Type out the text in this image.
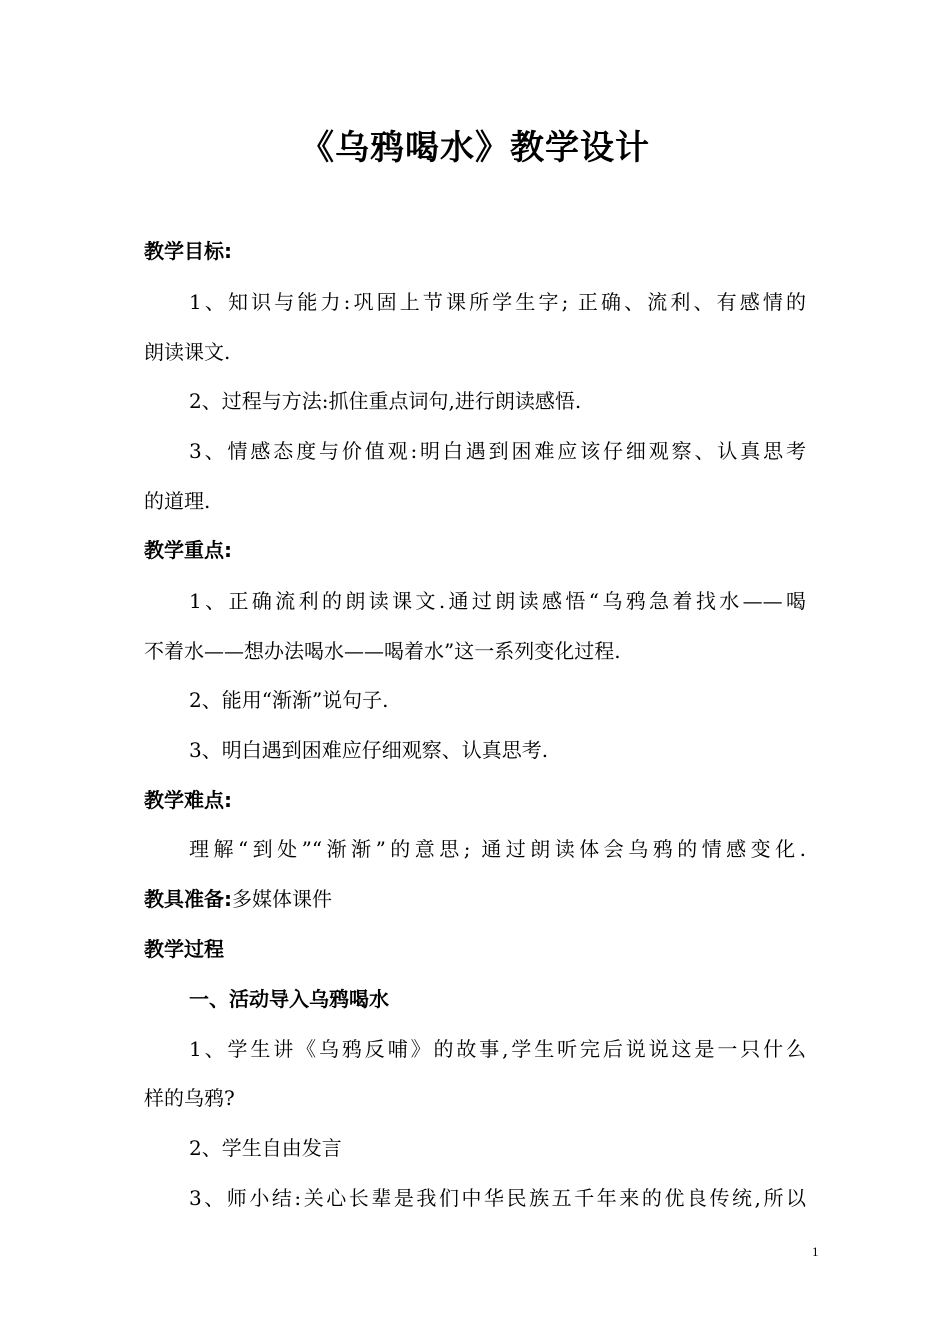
《乌鸦喝水》教学设计
教学目标:
1、知识与能力:巩固上节课所学生字; 正确、流利、有感情的
朗读课文.
2、过程与方法:抓住重点词句,进行朗读感悟.
3、情感态度与价值观:明白遇到困难应该仔细观察、认真思考
的道理.
教学重点:
1、正确流利的朗读课文.通过朗读感悟“乌鸦急着找水——喝
不着水——想办法喝水——喝着水”这一系列变化过程.
2、能用“渐渐”说句子.
3、明白遇到困难应仔细观察、认真思考.
教学难点:
理解“到处”“渐渐”的意思; 通过朗读体会乌鸦的情感变化.
教具准备:多媒体课件
教学过程
一、活动导入乌鸦喝水
1、学生讲《乌鸦反哺》的故事,学生听完后说说这是一只什么
样的乌鸦?
2、学生自由发言
3、师小结:关心长辈是我们中华民族五千年来的优良传统,所以
1
